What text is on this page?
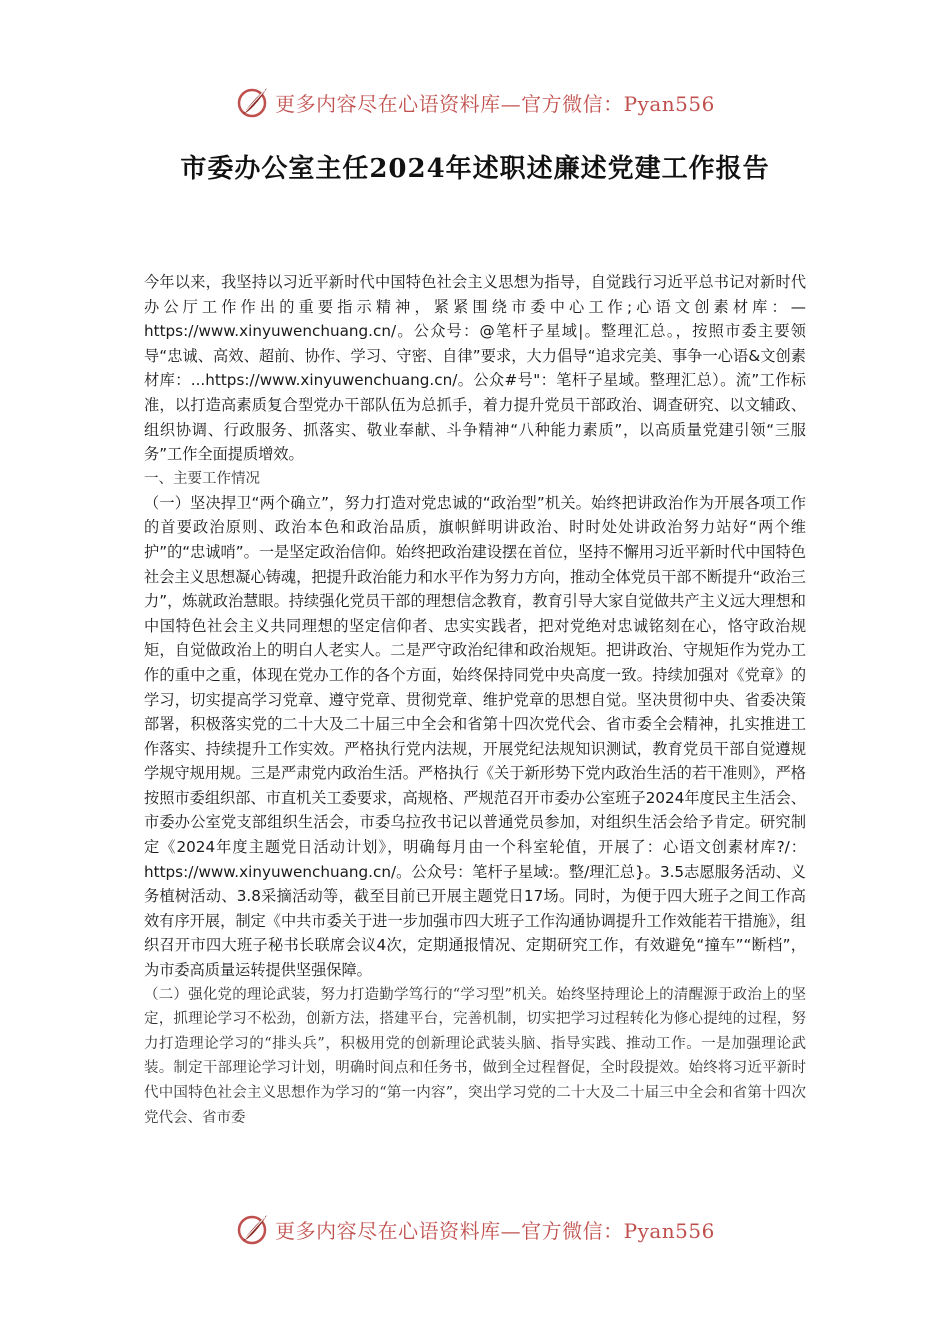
更多内容尽在心语资料库—官方微信：Pyan556
市委办公室主任2024年述职述廉述党建工作报告

今年以来，我坚持以习近平新时代中国特色社会主义思想为指导，自觉践行习近平总书记对新时代办公厅工作作出的重要指示精神，紧紧围绕市委中心工作;心语文创素材库：—https://www.xinyuwenchuang.cn/。公众号：@笔杆子星域|。整理汇总。，按照市委主要领导“忠诚、高效、超前、协作、学习、守密、自律”要求，大力倡导“追求完美、事争一心语&文创素材库：...https://www.xinyuwenchuang.cn/。公众#号"：笔杆子星域。整理汇总）。流”工作标准，以打造高素质复合型党办干部队伍为总抓手，着力提升党员干部政治、调查研究、以文辅政、组织协调、行政服务、抓落实、敬业奉献、斗争精神“八种能力素质”，以高质量党建引领“三服务”工作全面提质增效。

一、主要工作情况

（一）坚决捍卫“两个确立”，努力打造对党忠诚的“政治型”机关。始终把讲政治作为开展各项工作的首要政治原则、政治本色和政治品质，旗帜鲜明讲政治、时时处处讲政治努力站好“两个维护”的“忠诚哨”。一是坚定政治信仰。始终把政治建设摆在首位，坚持不懈用习近平新时代中国特色社会主义思想凝心铸魂，把提升政治能力和水平作为努力方向，推动全体党员干部不断提升“政治三力”，炼就政治慧眼。持续强化党员干部的理想信念教育，教育引导大家自觉做共产主义远大理想和中国特色社会主义共同理想的坚定信仰者、忠实实践者，把对党绝对忠诚铭刻在心，恪守政治规矩，自觉做政治上的明白人老实人。二是严守政治纪律和政治规矩。把讲政治、守规矩作为党办工作的重中之重，体现在党办工作的各个方面，始终保持同党中央高度一致。持续加强对《党章》的学习，切实提高学习党章、遵守党章、贯彻党章、维护党章的思想自觉。坚决贯彻中央、省委决策部署，积极落实党的二十大及二十届三中全会和省第十四次党代会、省市委全会精神，扎实推进工作落实、持续提升工作实效。严格执行党内法规，开展党纪法规知识测试，教育党员干部自觉遵规学规守规用规。三是严肃党内政治生活。严格执行《关于新形势下党内政治生活的若干准则》，严格按照市委组织部、市直机关工委要求，高规格、严规范召开市委办公室班子2024年度民主生活会、市委办公室党支部组织生活会，市委乌拉孜书记以普通党员参加，对组织生活会给予肯定。研究制定《2024年度主题党日活动计划》，明确每月由一个科室轮值，开展了：心语文创素材库?/：https://www.xinyuwenchuang.cn/。公众号：笔杆子星域:。整/理汇总}。3.5志愿服务活动、义务植树活动、3.8采摘活动等，截至目前已开展主题党日17场。同时，为便于四大班子之间工作高效有序开展，制定《中共市委关于进一步加强市四大班子工作沟通协调提升工作效能若干措施》，组织召开市四大班子秘书长联席会议4次，定期通报情况、定期研究工作，有效避免“撞车”“断档”，为市委高质量运转提供坚强保障。

（二）强化党的理论武装，努力打造勤学笃行的“学习型”机关。始终坚持理论上的清醒源于政治上的坚定，抓理论学习不松劲，创新方法，搭建平台，完善机制，切实把学习过程转化为修心提纯的过程，努力打造理论学习的“排头兵”，积极用党的创新理论武装头脑、指导实践、推动工作。一是加强理论武装。制定干部理论学习计划，明确时间点和任务书，做到全过程督促，全时段提效。始终将习近平新时代中国特色社会主义思想作为学习的“第一内容”，突出学习党的二十大及二十届三中全会和省第十四次党代会、省市委

更多内容尽在心语资料库—官方微信：Pyan556
